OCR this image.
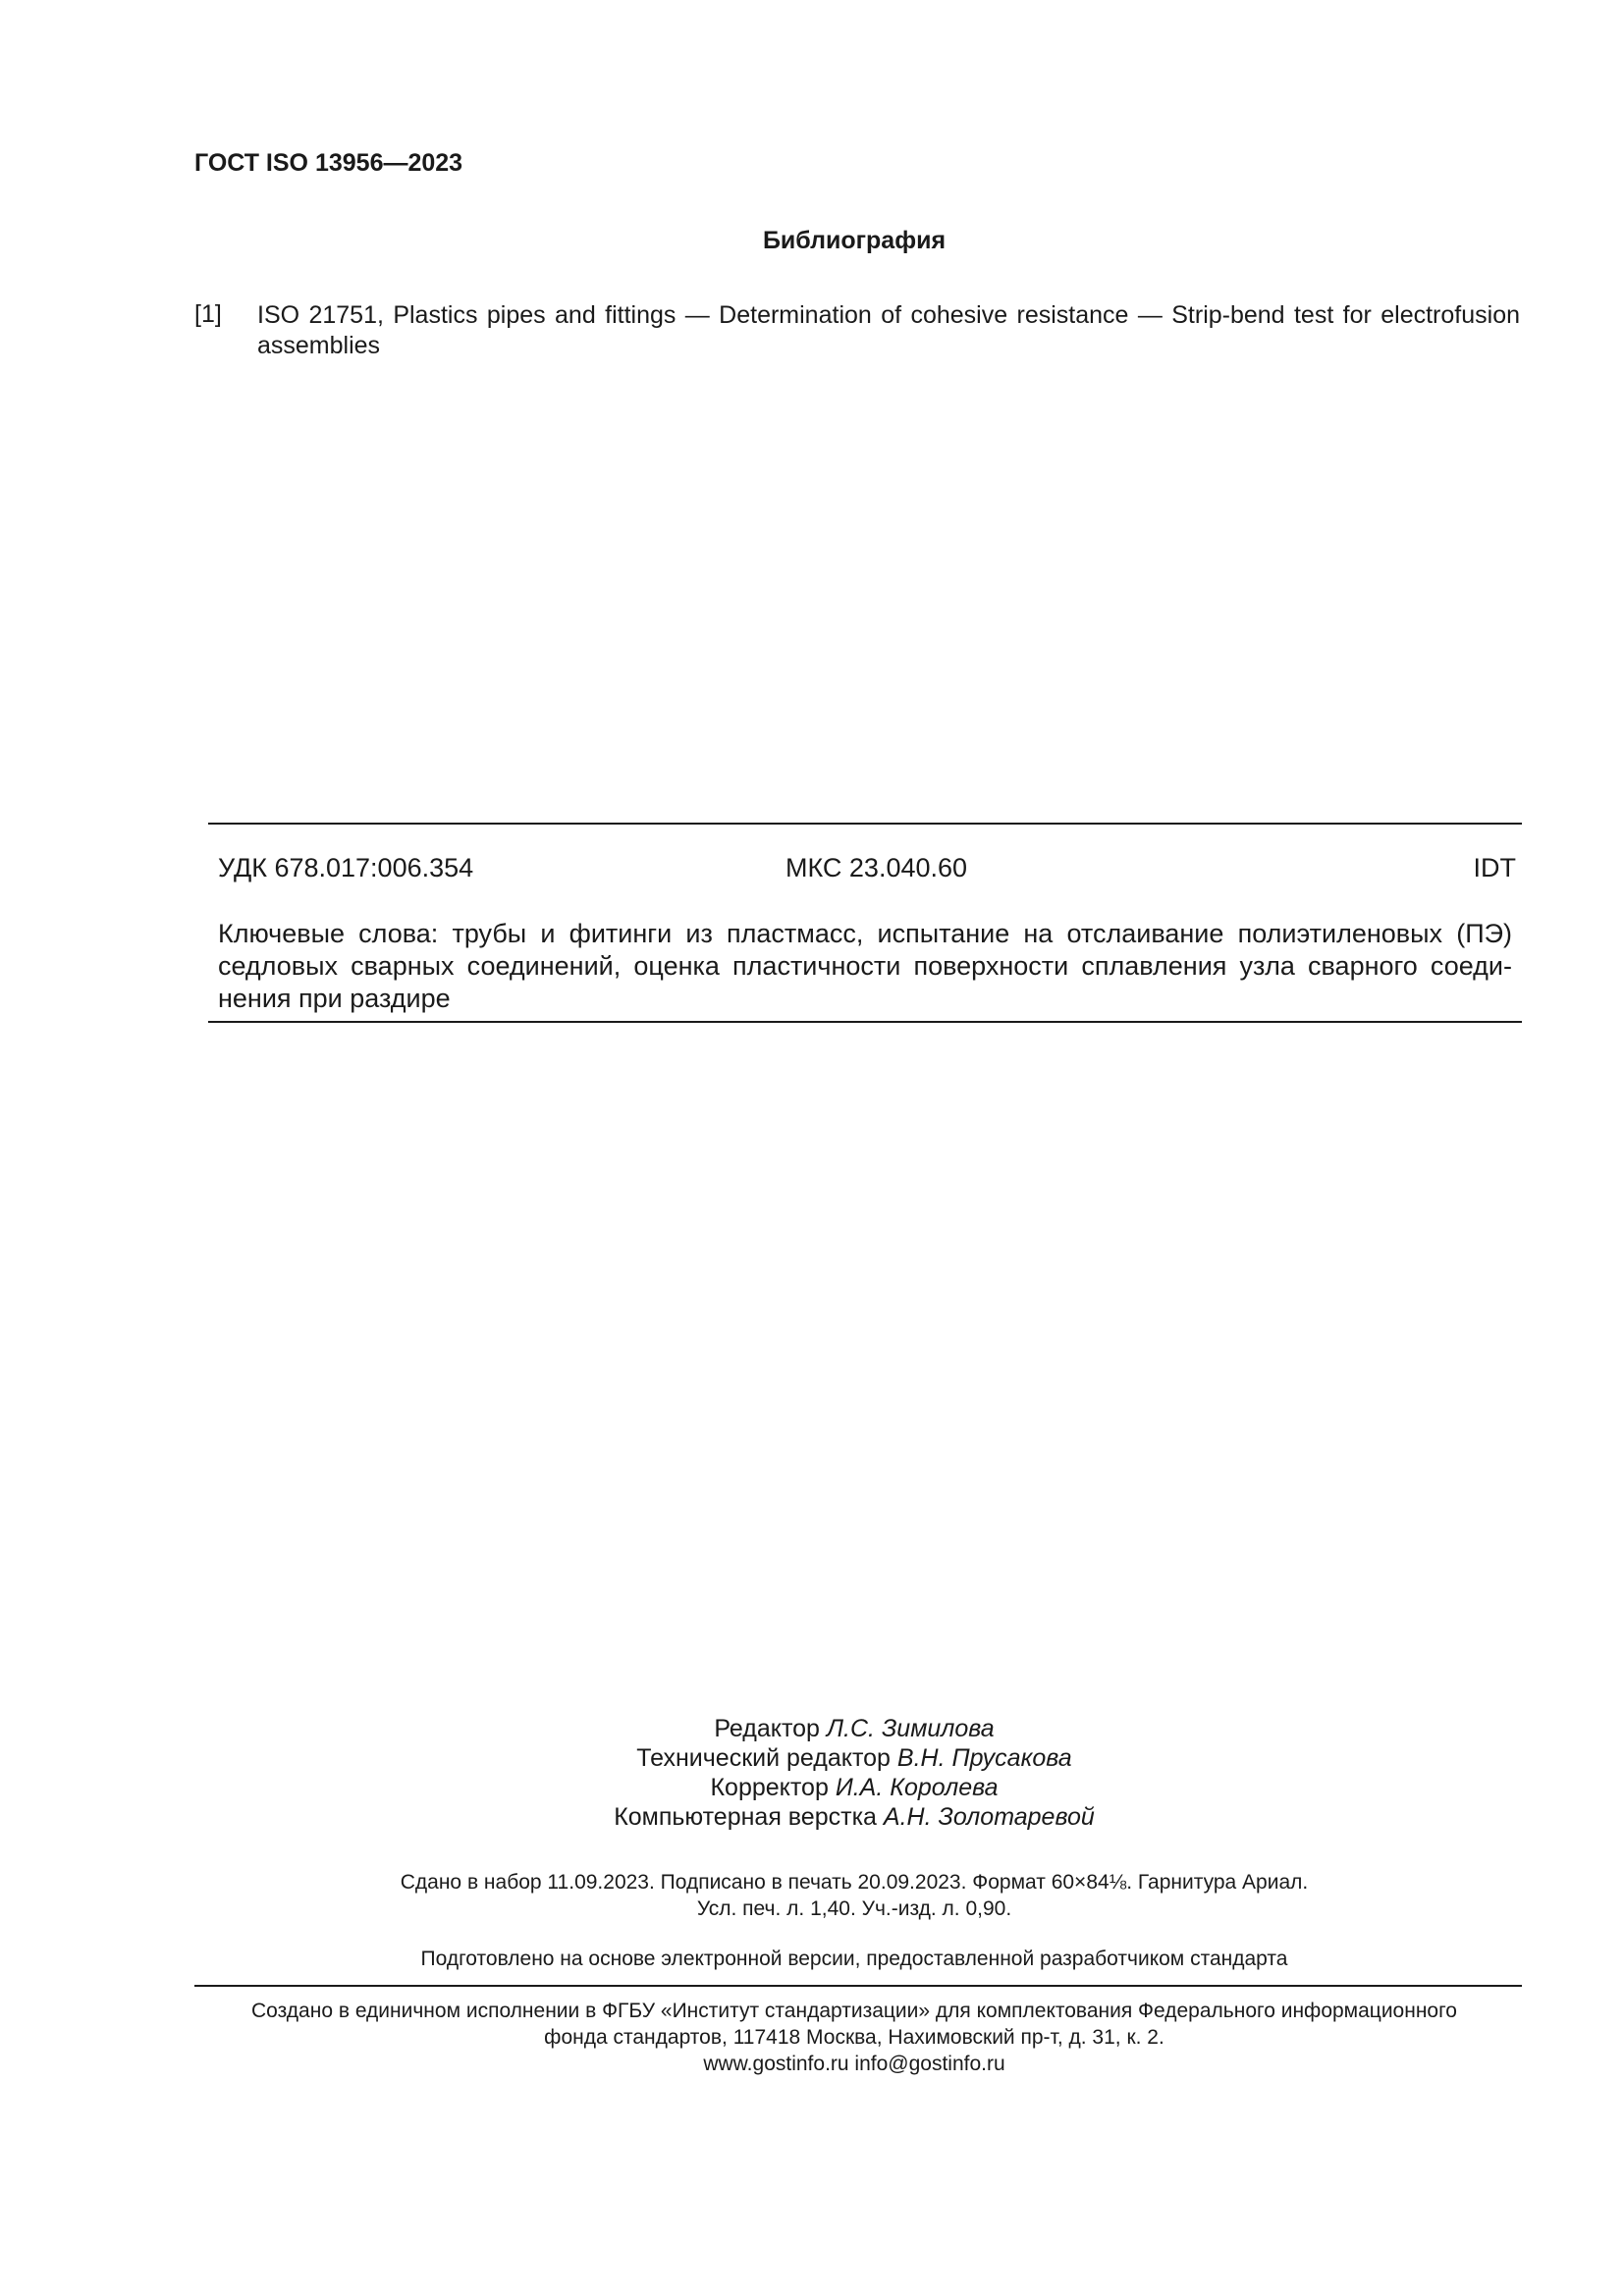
ГОСТ ISO 13956—2023
Библиография
[1] ISO 21751, Plastics pipes and fittings — Determination of cohesive resistance — Strip-bend test for electrofusion assemblies
УДК 678.017:006.354	МКС 23.040.60	IDT
Ключевые слова: трубы и фитинги из пластмасс, испытание на отслаивание полиэтиленовых (ПЭ) седловых сварных соединений, оценка пластичности поверхности сплавления узла сварного соеди-нения при раздире
Редактор Л.С. Зимилова
Технический редактор В.Н. Прусакова
Корректор И.А. Королева
Компьютерная верстка А.Н. Золотаревой
Сдано в набор 11.09.2023. Подписано в печать 20.09.2023. Формат 60×84⅛. Гарнитура Ариал.
Усл. печ. л. 1,40. Уч.-изд. л. 0,90.
Подготовлено на основе электронной версии, предоставленной разработчиком стандарта
Создано в единичном исполнении в ФГБУ «Институт стандартизации» для комплектования Федерального информационного
фонда стандартов, 117418 Москва, Нахимовский пр-т, д. 31, к. 2.
www.gostinfo.ru info@gostinfo.ru
